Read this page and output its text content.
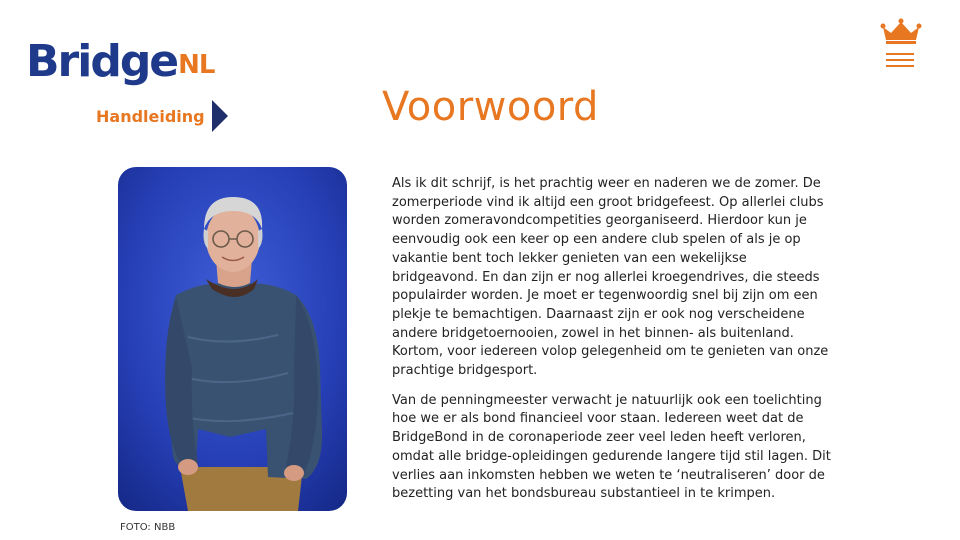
Bridge NL
Handleiding	Voorwoord
FOTO: NBB

Als ik dit schrijf, is het prachtig weer en naderen we de zomer. De zomerperiode vind ik altijd een groot bridgefeest. Op allerlei clubs worden zomeravondcompetities georganiseerd. Hierdoor kun je eenvoudig ook een keer op een andere club spelen of als je op vakantie bent toch lekker genieten van een wekelijkse bridgeavond. En dan zijn er nog allerlei kroegendrives, die steeds populairder worden. Je moet er tegenwoordig snel bij zijn om een plekje te bemachtigen. Daarnaast zijn er ook nog verscheidene andere bridgetoernooien, zowel in het binnen- als buitenland. Kortom, voor iedereen volop gelegenheid om te genieten van onze prachtige bridgesport.

Van de penningmeester verwacht je natuurlijk ook een toelichting hoe we er als bond financieel voor staan. Iedereen weet dat de BridgeBond in de coronaperiode zeer veel leden heeft verloren, omdat alle bridge-opleidingen gedurende langere tijd stil lagen. Dit verlies aan inkomsten hebben we weten te ‘neutraliseren’ door de bezetting van het bondsbureau substantieel in te krimpen.
